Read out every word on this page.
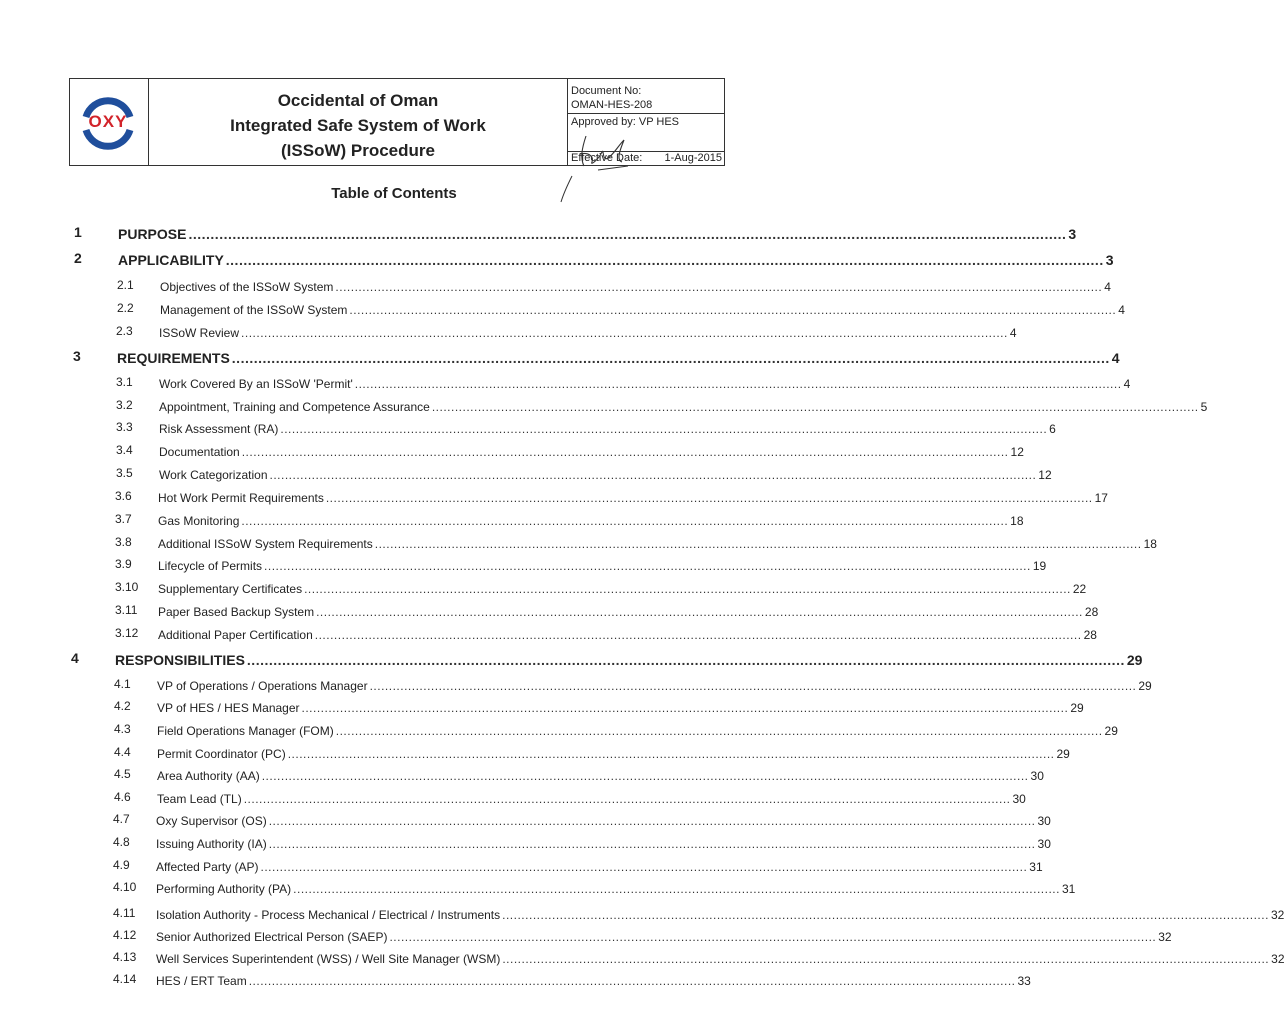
OXY
Occidental of Oman
Integrated Safe System of Work
(ISSoW) Procedure
Document No:
OMAN-HES-208
Approved by: VP HES
Effective Date: 1-Aug-2015
Table of Contents
1	PURPOSE ........................................................................................................................................................................................................ 3
2	APPLICABILITY ........................................................................................................................................................................................................ 3
2.1 Objectives of the ISSoW System ........................................................................................................................................................................................................ 4
2.2 Management of the ISSoW System ........................................................................................................................................................................................................ 4
2.3 ISSoW Review ........................................................................................................................................................................................................ 4
3	REQUIREMENTS ........................................................................................................................................................................................................ 4
3.1 Work Covered By an ISSoW 'Permit' ........................................................................................................................................................................................................ 4
3.2 Appointment, Training and Competence Assurance ........................................................................................................................................................................................................ 5
3.3 Risk Assessment (RA) ........................................................................................................................................................................................................ 6
3.4 Documentation ........................................................................................................................................................................................................ 12
3.5 Work Categorization ........................................................................................................................................................................................................ 12
3.6 Hot Work Permit Requirements ........................................................................................................................................................................................................ 17
3.7 Gas Monitoring ........................................................................................................................................................................................................ 18
3.8 Additional ISSoW System Requirements ........................................................................................................................................................................................................ 18
3.9 Lifecycle of Permits ........................................................................................................................................................................................................ 19
3.10 Supplementary Certificates ........................................................................................................................................................................................................ 22
3.11 Paper Based Backup System ........................................................................................................................................................................................................ 28
3.12 Additional Paper Certification ........................................................................................................................................................................................................ 28
4	RESPONSIBILITIES ........................................................................................................................................................................................................ 29
4.1 VP of Operations / Operations Manager ........................................................................................................................................................................................................ 29
4.2 VP of HES / HES Manager ........................................................................................................................................................................................................ 29
4.3 Field Operations Manager (FOM) ........................................................................................................................................................................................................ 29
4.4 Permit Coordinator (PC) ........................................................................................................................................................................................................ 29
4.5 Area Authority (AA) ........................................................................................................................................................................................................ 30
4.6 Team Lead (TL) ........................................................................................................................................................................................................ 30
4.7 Oxy Supervisor (OS) ........................................................................................................................................................................................................ 30
4.8 Issuing Authority (IA) ........................................................................................................................................................................................................ 30
4.9 Affected Party (AP) ........................................................................................................................................................................................................ 31
4.10 Performing Authority (PA) ........................................................................................................................................................................................................ 31
4.11 Isolation Authority - Process Mechanical / Electrical / Instruments ........................................................................................................................................................................................................ 32
4.12 Senior Authorized Electrical Person (SAEP) ........................................................................................................................................................................................................ 32
4.13 Well Services Superintendent (WSS) / Well Site Manager (WSM) ........................................................................................................................................................................................................ 32
4.14 HES / ERT Team ........................................................................................................................................................................................................ 33
